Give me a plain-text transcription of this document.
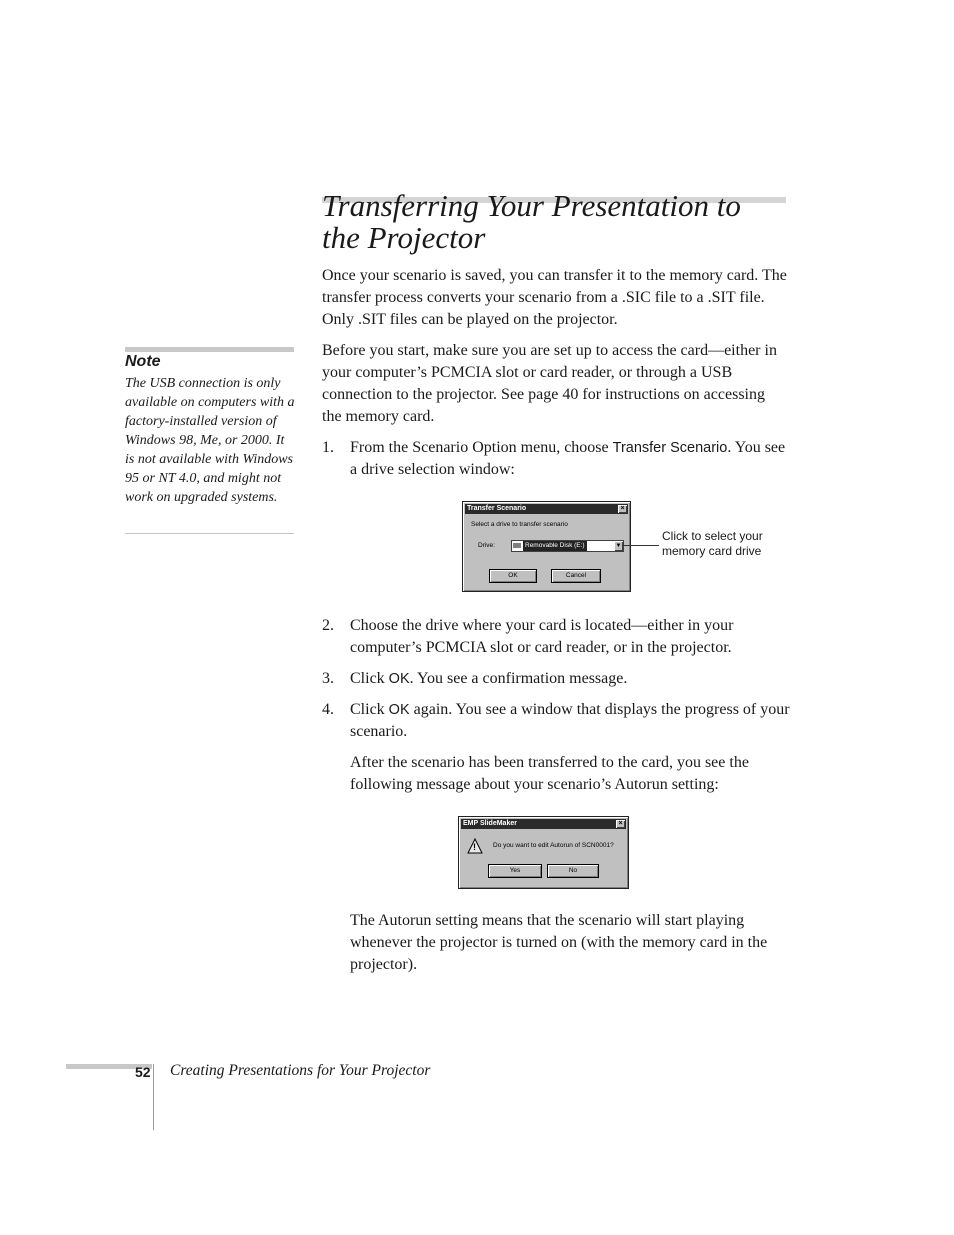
Transferring Your Presentation to the Projector

Once your scenario is saved, you can transfer it to the memory card. The transfer process converts your scenario from a .SIC file to a .SIT file. Only .SIT files can be played on the projector.

Before you start, make sure you are set up to access the card—either in your computer’s PCMCIA slot or card reader, or through a USB connection to the projector. See page 40 for instructions on accessing the memory card.

Note
The USB connection is only available on computers with a factory-installed version of Windows 98, Me, or 2000. It is not available with Windows 95 or NT 4.0, and might not work on upgraded systems.
1. From the Scenario Option menu, choose Transfer Scenario. You see a drive selection window:
Transfer Scenario	×
Select a drive to transfer scenario
Drive:	Removable Disk (E:)	▼
OK	Cancel
Click to select your memory card drive
2. Choose the drive where your card is located—either in your computer’s PCMCIA slot or card reader, or in the projector.
3. Click OK. You see a confirmation message.
4. Click OK again. You see a window that displays the progress of your scenario.

After the scenario has been transferred to the card, you see the following message about your scenario’s Autorun setting:

EMP SlideMaker	×
!	Do you want to edit Autorun of SCN0001?
Yes	No

The Autorun setting means that the scenario will start playing whenever the projector is turned on (with the memory card in the projector).

52 Creating Presentations for Your Projector
